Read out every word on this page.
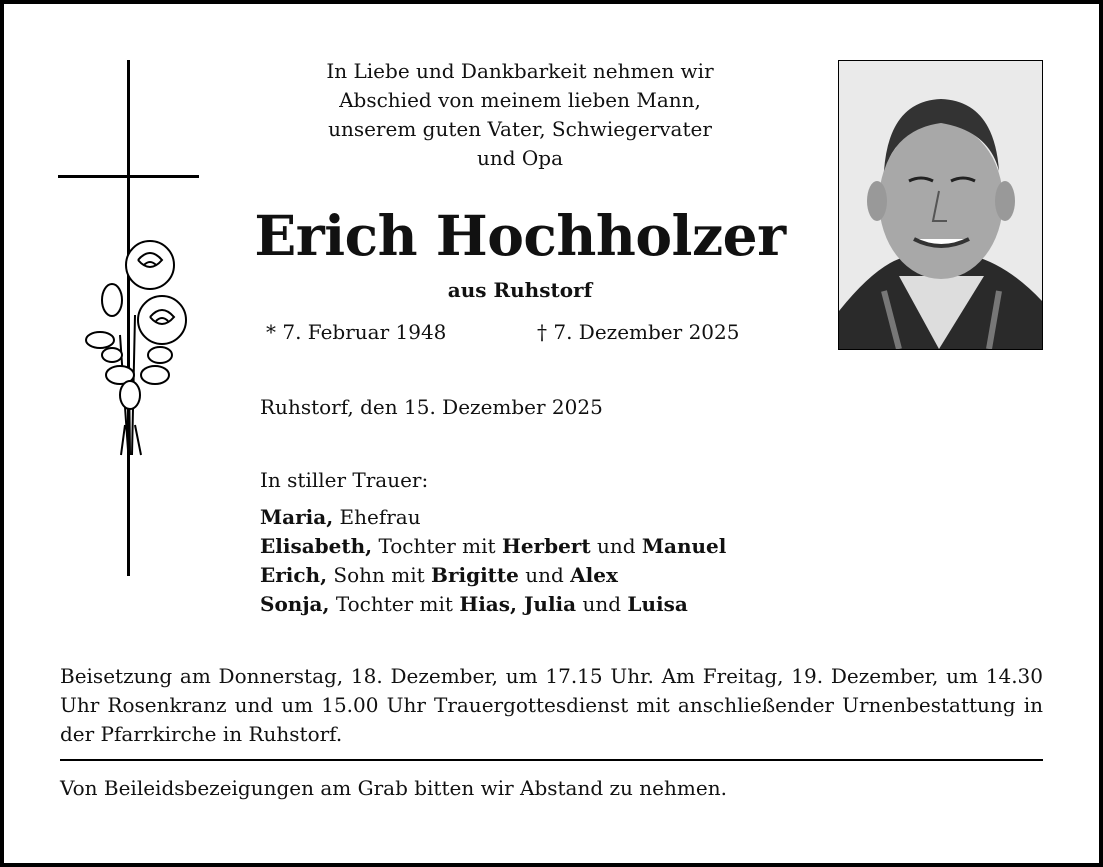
In Liebe und Dankbarkeit nehmen wir
Abschied von meinem lieben Mann,
unserem guten Vater, Schwiegervater
und Opa
Erich Hochholzer
aus Ruhstorf
* 7. Februar 1948	† 7. Dezember 2025
Ruhstorf, den 15. Dezember 2025
In stiller Trauer:
Maria, Ehefrau
Elisabeth, Tochter mit Herbert und Manuel
Erich, Sohn mit Brigitte und Alex
Sonja, Tochter mit Hias, Julia und Luisa
Beisetzung am Donnerstag, 18. Dezember, um 17.15 Uhr. Am Freitag, 19. Dezember, um 14.30 Uhr Rosenkranz und um 15.00 Uhr Trauergottesdienst mit anschließender Urnenbestattung in der Pfarrkirche in Ruhstorf.
Von Beileidsbezeigungen am Grab bitten wir Abstand zu nehmen.
